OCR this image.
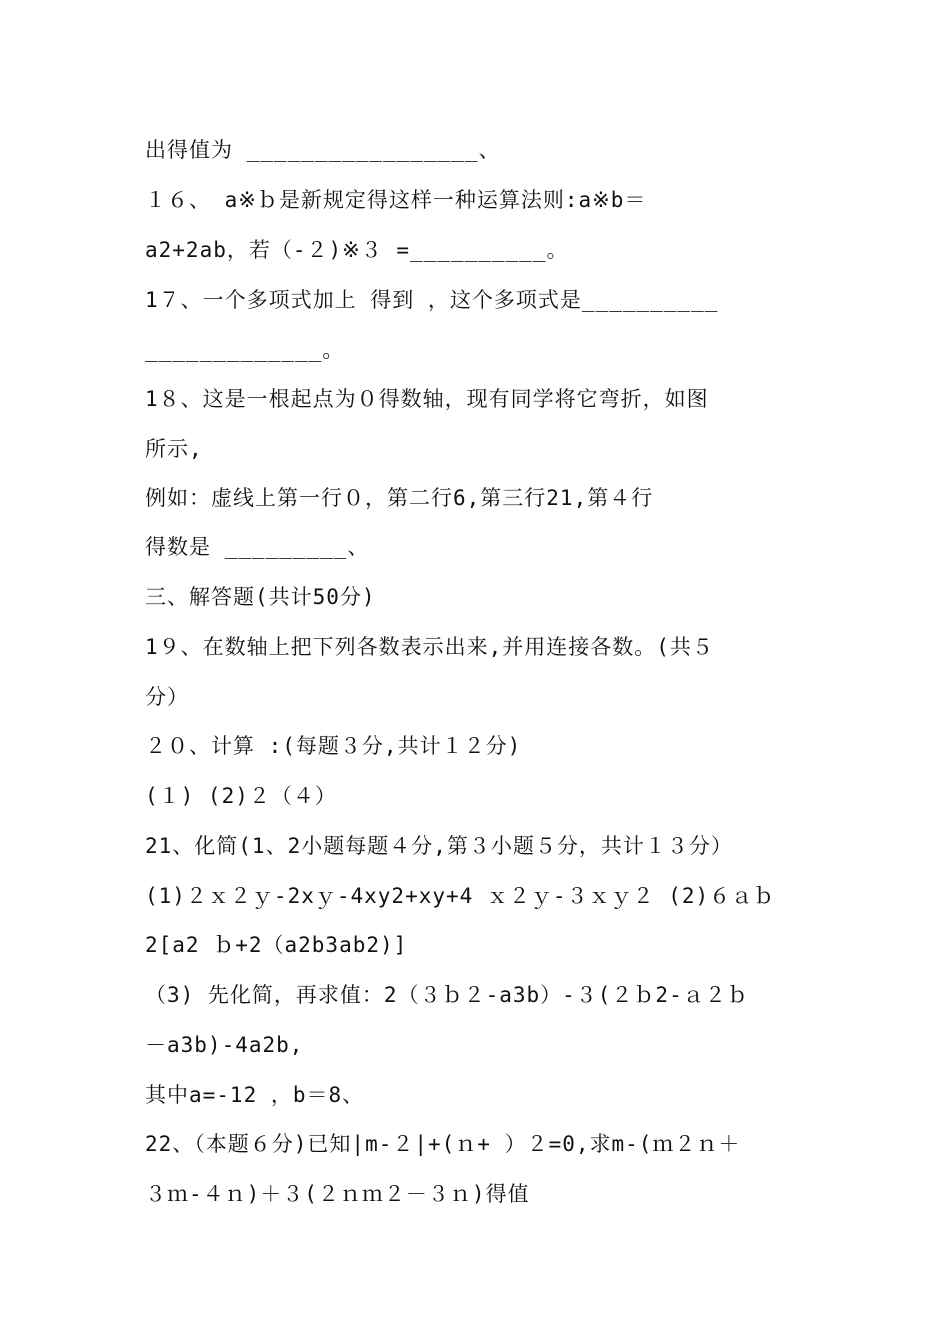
出得值为 _________________、
１６、 a※ｂ是新规定得这样一种运算法则:a※b＝
a2+2ab，若（-２)※３ =__________。
1７、一个多项式加上 得到 ，这个多项式是__________
_____________。
1８、这是一根起点为０得数轴，现有同学将它弯折，如图
所示,
例如：虚线上第一行０，第二行6,第三行21,第４行
得数是 _________、
三、解答题(共计50分)
1９、在数轴上把下列各数表示出来,并用连接各数。(共５
分）
２０、计算 :(每题３分,共计１２分)
(１) (2)２（４）
21、化简(1、2小题每题４分,第３小题５分，共计１３分）
(1)２ｘ２ｙ-2xｙ-4xy2+xy+4 ｘ２ｙ-３ｘｙ２ (2)６ａｂ
2[a2 ｂ+2（a2b3ab2)]
（3) 先化简，再求值：2（３ｂ２-a3b）-３(２ｂ2-ａ２ｂ
－a3b)-4a2b,
其中a=-12 ，b＝8、
22、（本题６分)已知|m-２|+(ｎ+ ）２=0,求m-(ｍ２ｎ＋
３ｍ-４ｎ)＋３(２ｎｍ２－３ｎ)得值
